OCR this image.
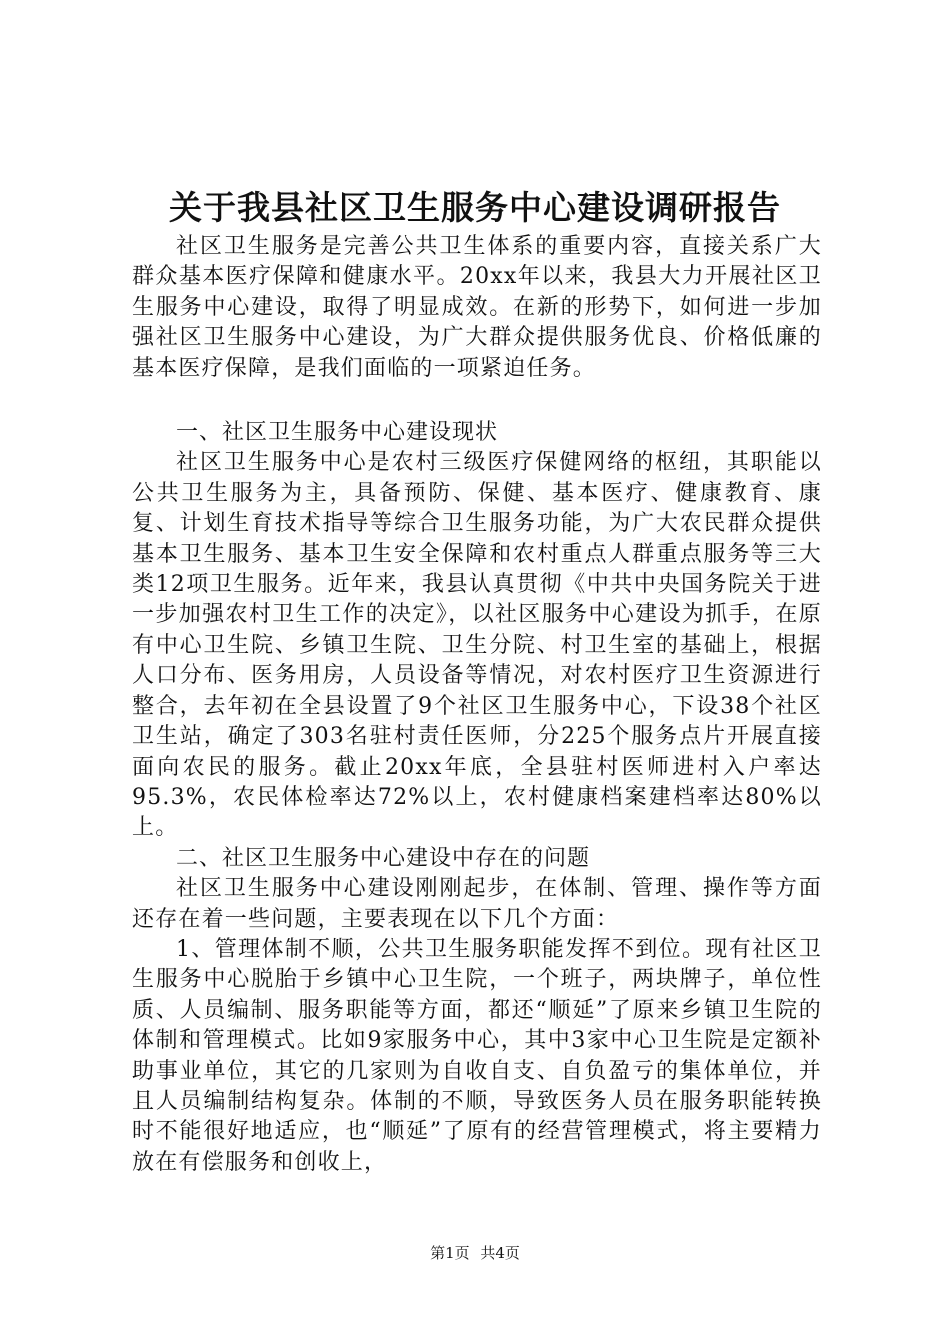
关于我县社区卫生服务中心建设调研报告

社区卫生服务是完善公共卫生体系的重要内容，直接关系广大群众基本医疗保障和健康水平。20xx年以来，我县大力开展社区卫生服务中心建设，取得了明显成效。在新的形势下，如何进一步加强社区卫生服务中心建设，为广大群众提供服务优良、价格低廉的基本医疗保障，是我们面临的一项紧迫任务。

一、社区卫生服务中心建设现状

社区卫生服务中心是农村三级医疗保健网络的枢纽，其职能以公共卫生服务为主，具备预防、保健、基本医疗、健康教育、康复、计划生育技术指导等综合卫生服务功能，为广大农民群众提供基本卫生服务、基本卫生安全保障和农村重点人群重点服务等三大类12项卫生服务。近年来，我县认真贯彻《中共中央国务院关于进一步加强农村卫生工作的决定》，以社区服务中心建设为抓手，在原有中心卫生院、乡镇卫生院、卫生分院、村卫生室的基础上，根据人口分布、医务用房，人员设备等情况，对农村医疗卫生资源进行整合，去年初在全县设置了9个社区卫生服务中心，下设38个社区卫生站，确定了303名驻村责任医师，分225个服务点片开展直接面向农民的服务。截止20xx年底，全县驻村医师进村入户率达95.3%，农民体检率达72%以上，农村健康档案建档率达80%以上。

二、社区卫生服务中心建设中存在的问题

社区卫生服务中心建设刚刚起步，在体制、管理、操作等方面还存在着一些问题，主要表现在以下几个方面：

1、管理体制不顺，公共卫生服务职能发挥不到位。现有社区卫生服务中心脱胎于乡镇中心卫生院，一个班子，两块牌子，单位性质、人员编制、服务职能等方面，都还“顺延”了原来乡镇卫生院的体制和管理模式。比如9家服务中心，其中3家中心卫生院是定额补助事业单位，其它的几家则为自收自支、自负盈亏的集体单位，并且人员编制结构复杂。体制的不顺，导致医务人员在服务职能转换时不能很好地适应，也“顺延”了原有的经营管理模式，将主要精力放在有偿服务和创收上，

第1页 共4页
